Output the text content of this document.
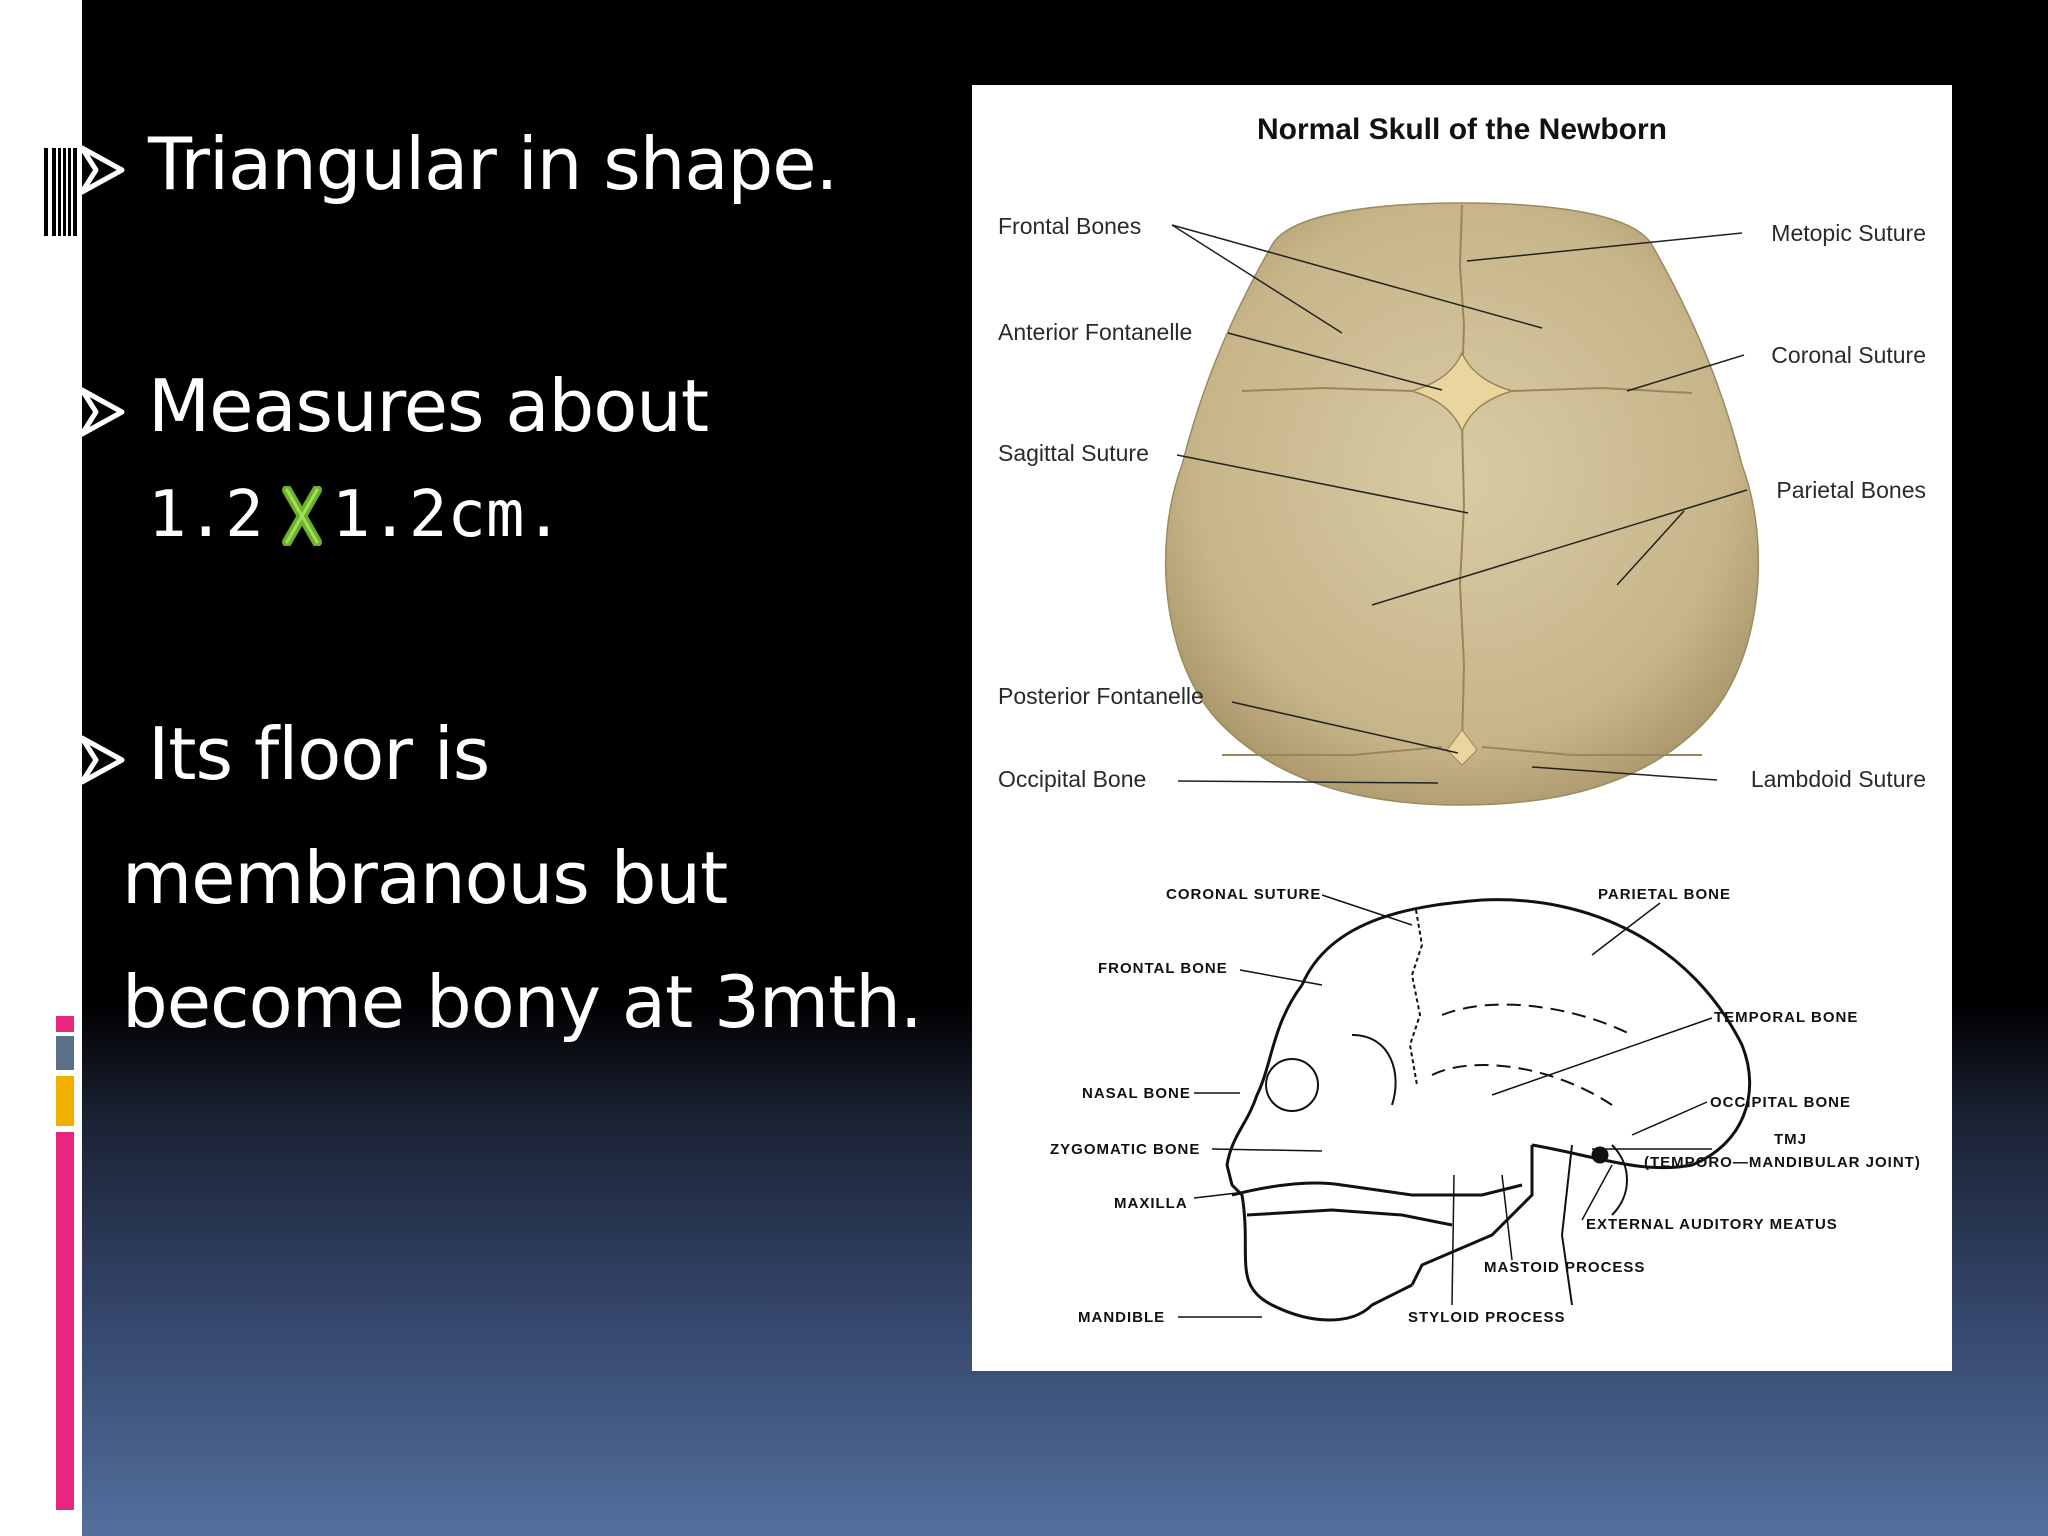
Triangular in shape.
Measures about
1.2 1.2cm.
Its floor is
membranous but
become bony at 3mth.
Normal Skull of the Newborn
Frontal Bones
Anterior Fontanelle
Sagittal Suture
Posterior Fontanelle
Occipital Bone
Metopic Suture
Coronal Suture
Parietal Bones
Lambdoid Suture
CORONAL SUTURE	PARIETAL BONE
FRONTAL BONE
TEMPORAL BONE
NASAL BONE
OCCIPITAL BONE
ZYGOMATIC BONE
TMJ
(TEMPORO—MANDIBULAR JOINT)
MAXILLA
EXTERNAL AUDITORY MEATUS
MASTOID PROCESS
MANDIBLE	STYLOID PROCESS
